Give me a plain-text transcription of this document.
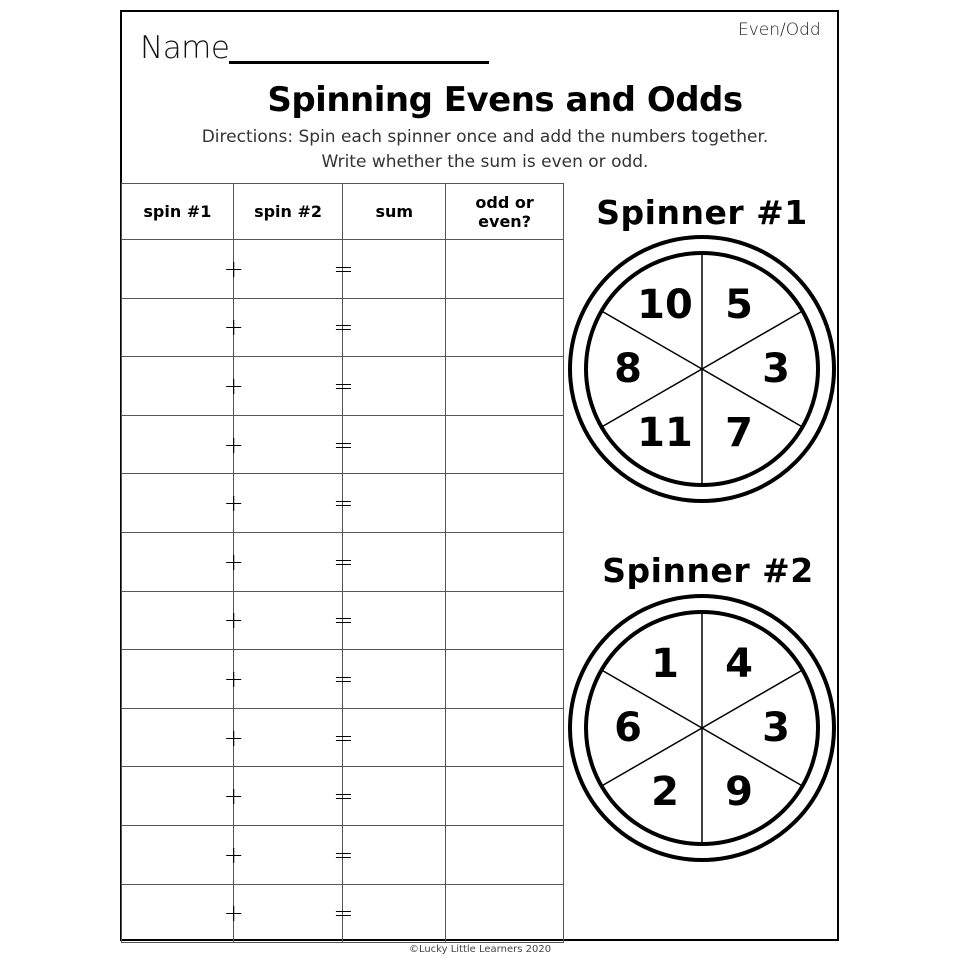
Even/Odd
Name
Spinning Evens and Odds
Directions: Spin each spinner once and add the numbers together.
Write whether the sum is even or odd.
spin #1	spin #2	sum	odd or even?

	+	=	

	+	=	

	+	=	

	+	=	

	+	=	

	+	=	

	+	=	

	+	=	

	+	=	

	+	=	

	+	=	

	+	=	

Spinner #1
5
3
7
11
8
10
Spinner #2
4
3
9
2
6
1
©Lucky Little Learners 2020
